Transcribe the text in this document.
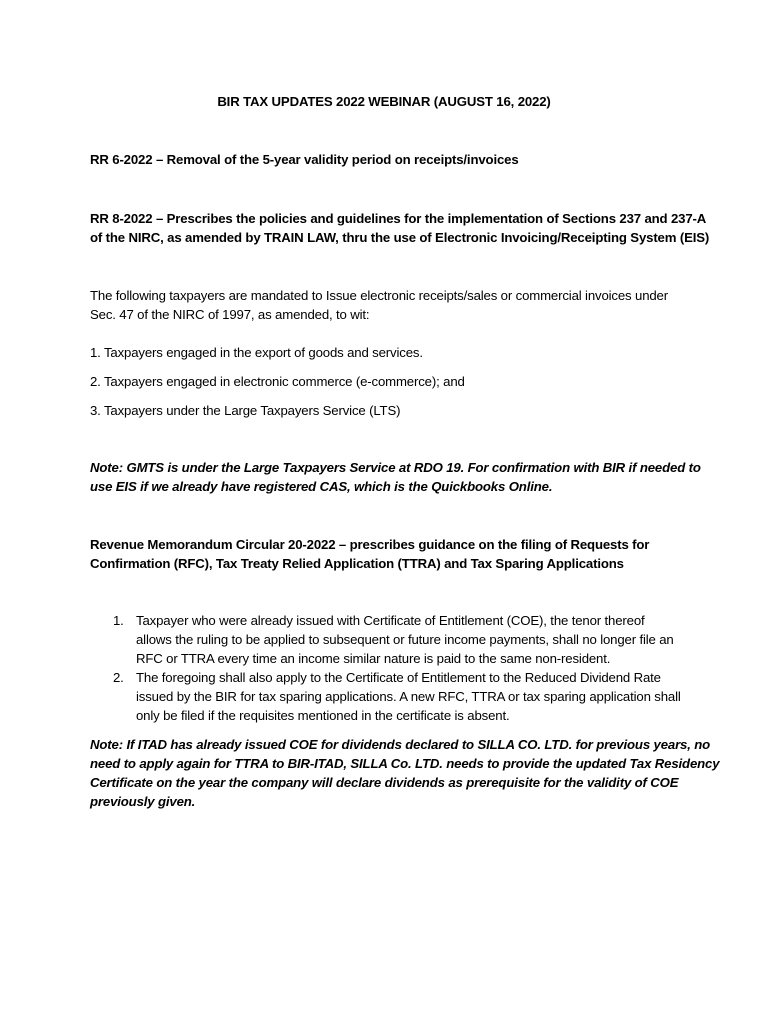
BIR TAX UPDATES 2022 WEBINAR (AUGUST 16, 2022)
RR 6-2022 – Removal of the 5-year validity period on receipts/invoices
RR 8-2022 – Prescribes the policies and guidelines for the implementation of Sections 237 and 237-A
of the NIRC, as amended by TRAIN LAW, thru the use of Electronic Invoicing/Receipting System (EIS)
The following taxpayers are mandated to Issue electronic receipts/sales or commercial invoices under
Sec. 47 of the NIRC of 1997, as amended, to wit:
1. Taxpayers engaged in the export of goods and services.
2. Taxpayers engaged in electronic commerce (e-commerce); and
3. Taxpayers under the Large Taxpayers Service (LTS)
Note: GMTS is under the Large Taxpayers Service at RDO 19. For confirmation with BIR if needed to
use EIS if we already have registered CAS, which is the Quickbooks Online.
Revenue Memorandum Circular 20-2022 – prescribes guidance on the filing of Requests for
Confirmation (RFC), Tax Treaty Relied Application (TTRA) and Tax Sparing Applications
1. Taxpayer who were already issued with Certificate of Entitlement (COE), the tenor thereof
allows the ruling to be applied to subsequent or future income payments, shall no longer file an
RFC or TTRA every time an income similar nature is paid to the same non-resident.
2. The foregoing shall also apply to the Certificate of Entitlement to the Reduced Dividend Rate
issued by the BIR for tax sparing applications. A new RFC, TTRA or tax sparing application shall
only be filed if the requisites mentioned in the certificate is absent.
Note: If ITAD has already issued COE for dividends declared to SILLA CO. LTD. for previous years, no
need to apply again for TTRA to BIR-ITAD, SILLA Co. LTD. needs to provide the updated Tax Residency
Certificate on the year the company will declare dividends as prerequisite for the validity of COE
previously given.
